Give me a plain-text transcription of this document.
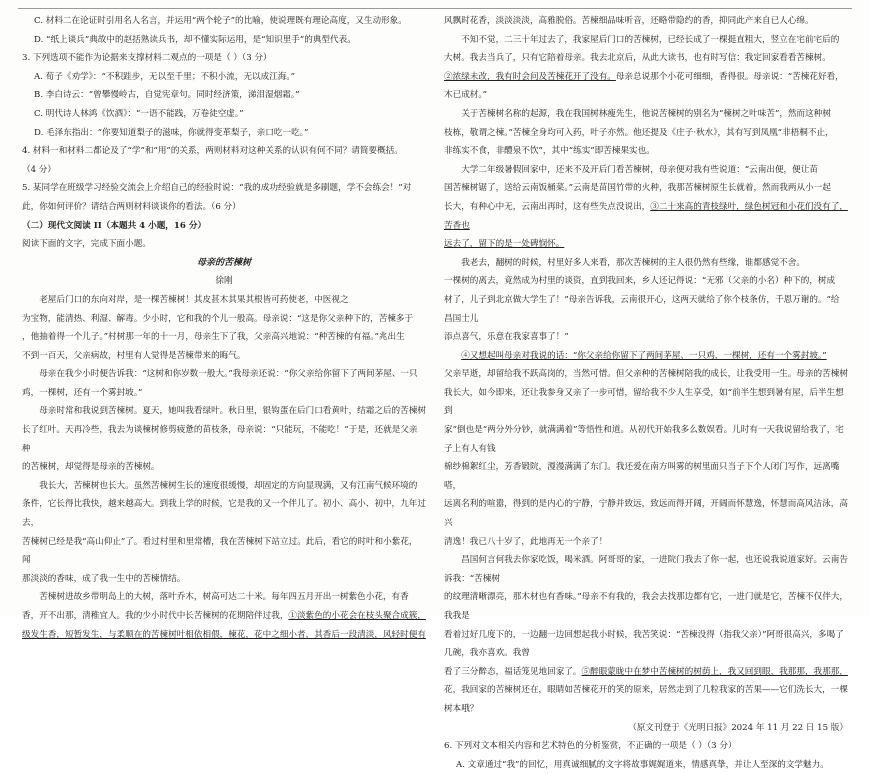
C. 材料二在论证时引用名人名言，并运用“两个轮子”的比喻，使说理既有理论高度，又生动形象。

D. “纸上谈兵”典故中的赵括熟读兵书，却不懂实际运用，是“知识里手”的典型代表。

3. 下列选项不能作为论据来支撑材料二观点的一项是（ ）（3 分）

A. 荀子《劝学》：“不积跬步，无以至千里；不积小流，无以成江海。”

B. 李白诗云：“曾攀慢岭古，自觉宪章句。同时经济策，涕泪湿烟霜。”

C. 明代诗人林鸿《饮酒》：“一语不能践，万卷徒空虚。”

D. 毛泽东指出：“你要知道梨子的滋味，你就得变革梨子，亲口吃一吃。”

4. 材料一和材料二都论及了“学”和“用”的关系，两则材料对这种关系的认识有何不同？请简要概括。

（4 分）

5. 某同学在班级学习经验交流会上介绍自己的经验时说：“我的成功经验就是多刷题，学不会练会！”对

此，你如何评价？请结合两则材料谈谈你的看法。（6 分）

（二）现代文阅读 II（本题共 4 小题，16 分）

阅读下面的文字，完成下面小题。

母亲的苦楝树

徐刚

老屋后门口的东向对岸，是一棵苦楝树！其皮甚木其果其根皆可药使老，中医视之

为宝物，能清热、利湿、解毒。少小时，它和我的个儿一般高。母亲说：“这是你父亲种下的，苦楝多于

，他抽着得一个儿子。”村树那一年的十一月，母亲生下了我，父亲高兴地说：“种苦楝的有福。”兆出生

不到一百天，父亲病故，村里有人觉得是苦楝带来的晦气。

母亲在我少小时便告诉我：“这树和你岁数一般大。”我母亲还说：“你父亲给你留下了两间茅屋、一只

鸡，一棵树，还有一个雾封坡。”

母亲时常和我说到苦楝树。夏天，她叫我看绿叶。秋日里，银钩蛋在后门口看黄叶，结霜之后的苦楝树

长了红叶。天再冷些，我去为谈楝树修剪疲惫的苗枝条，母亲说：“只能玩，不能吃！”于是，还就是父亲种

的苦楝树，却觉得是母亲的苦楝树。

我长大，苦楝树也长大。虽然苦楝树生长的速度很缓慢，却固定的方向显现满，又有江南气候环境的

条件，它长得比我快，越来越高大。到我上学的时候，它是我的又一个伴儿了。初小、高小、初中，九年过去，

苦楝树已经是我“高山仰止”了。看过村里和里常槽，我在苦楝树下站立过。此后，看它的时叶和小紫花，闻

那淡淡的香味，成了我一生中的苦楝情结。

苦楝树进故乡带明岛上的大树，落叶乔木，树高可达二十米。每年四五月开出一树紫色小花，有香

香，开不出那，清稚宜人。我的少小时代中长苦楝树的花期陪伴过我，①淡紫色的小花会在枝头聚合成簇，

级发生香，短暂发生，与柔顺在的苦楝树叶相依相偎，楝花，花中之细小者，其香后一段清淡，风轻时便有

风飘时花香，淡淡淡淡，高雅脱俗。苦楝细品味听音，还略带隐约的香，抑同此产来自已人心绵。

不知不觉，二三十年过去了，我家屋后门口的苦楝树，已经长成了一棵挺直粗大，竖立在宅前宅后的

大树。我去当兵了，只有它陪着母亲。我去北京后，从此大读书，也有时写信：我定回家看看苦楝树。

②浓绿未改，我有时会问及苦楝花开了没有。母亲总说那个小花可细细，香得很。母亲说：“苦楝花好看，木已成材。”

关于苦楝树名称的起源，我在我国树林瘦先生，他说苦楝树的别名为“楝树之叶味苦”，然而这种树

枝栋，敬谓之楝。”苦楝全身均可入药，叶子亦然。他还提及《庄子·秋水》，其有写到凤凰“非梧桐不止，

非练实不食，非醴泉不饮”，其中“练实”即苦楝果实也。

大学二年级暑假回家中，还来不及开后门看苦楝树，母亲便对我有些说道：“云南出便，便让苗

国苦楝树锯了，送给云南饭桶菜。”云南是苗国竹带的火种，我那苦楝树原生长就着，然而我两从小一起

长大，有种心中无，云南出再时，这有些失点没说出，③二十来高的青枝绿叶，绿色树冠和小花们没有了，苦香也

远去了，留下的是一处碑悯怀。

我老去，翻树的时候，村里好多人来看，那次苦楝树的主人很仍然有些缘，谁都感觉不舍。

一棵树的离去，竟然成为村里的谈资，直到我回来，乡人还记得说：“无邪（父亲的小名）种下的，树成

材了，儿子到北京做大学生了！”母亲告诉我，云南很开心，这两天就给了你个枝条仿，千恩万谢的。“给昌国士儿

添点喜气，乐意在我家喜事了！”

④又想起叫母亲对我说的话：“你父亲给你留下了两间茅屋、一只鸡，一棵树，还有一个雾封坡。”

父亲早逝，却留给我不跃高岗的，当然可惜。但父亲种的苦楝树陪我的成长，让我受用一生。母亲的苦楝树

我长大，如今即来，还让我参身又亲了一步可惜，留给我不少人生享受，如“前半生想到暑有屋，后半生想到

家”倒也是“两分外分钞，就满满着”等悟性和道。从初代开始我多么数娱看。儿时有一天我说留给我了，宅子上有人有钱

棉纱棉絮红尘，芳香锻院，漫漫满满了东门。我还爱在南方叫雾的树里面只当子下个人闭门写作，远离嘴嗒，

远离名利的喧嚣，得到的是内心的宁静，宁静并致远，致远而得开阔，开阔而怀慧逸，怀慧而高风洁泳，高兴

清逸！我已八十岁了，此地再无一个亲了！

昌国何言何我去你家吃饭，喝米酒。阿哥哥的家，一进院门我去了你一起，也还说我说道家好。云南告诉我：“苦楝树

的纹理清晰漂亮，那木材也有香味。”母亲不有我的，我会去找那边都有它，一进门就是它，苦楝不仅伴大，我我是

看着过好几度下的，一边翻一边回想起我小时候，我苦笑说：“苦楝没得（指我父亲）”阿哥很高兴，多喝了几碗，我亦喜欢。我曾

看了三分醉态，福话笼见地回家了。⑤醉眼蒙眬中在梦中苦楝树的树荫上，我又回到眼，我那那，我那那，

花，我回家的苦楝树还在，眼睛如苦楝花开的笑的原来，居然走到了几粒我家的苦果——它们洗长大，一棵树本哦？

（原文刊登于《光明日报》2024 年 11 月 22 日 15 版）

6. 下列对文本相关内容和艺术特色的分析鉴赏，不正确的一项是（ ）（3 分）

A. 文章通过“我”的回忆，用真诚细腻的文字将故事娓娓道来，情感真挚，并让人至深的文学魅力。
